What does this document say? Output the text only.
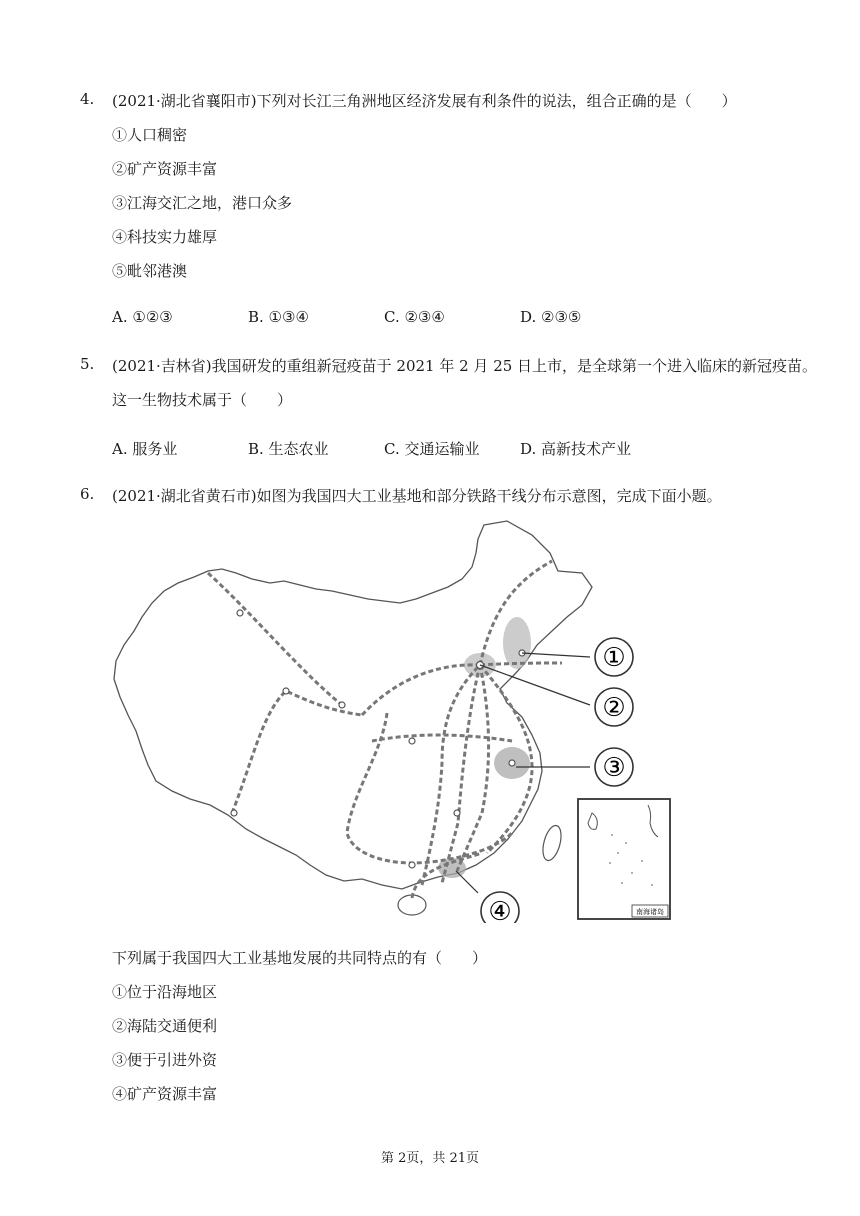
4. (2021·湖北省襄阳市)下列对长江三角洲地区经济发展有利条件的说法，组合正确的是（　　）
①人口稠密
②矿产资源丰富
③江海交汇之地，港口众多
④科技实力雄厚
⑤毗邻港澳
A. ①②③	B. ①③④	C. ②③④	D. ②③⑤
5. (2021·吉林省)我国研发的重组新冠疫苗于 2021 年 2 月 25 日上市，是全球第一个进入临床的新冠疫苗。
这一生物技术属于（　　）
A. 服务业	B. 生态农业	C. 交通运输业	D. 高新技术产业
6. (2021·湖北省黄石市)如图为我国四大工业基地和部分铁路干线分布示意图，完成下面小题。
①
②
③
④	南海诸岛
下列属于我国四大工业基地发展的共同特点的有（　　）
①位于沿海地区
②海陆交通便利
③便于引进外资
④矿产资源丰富
第 2页，共 21页
